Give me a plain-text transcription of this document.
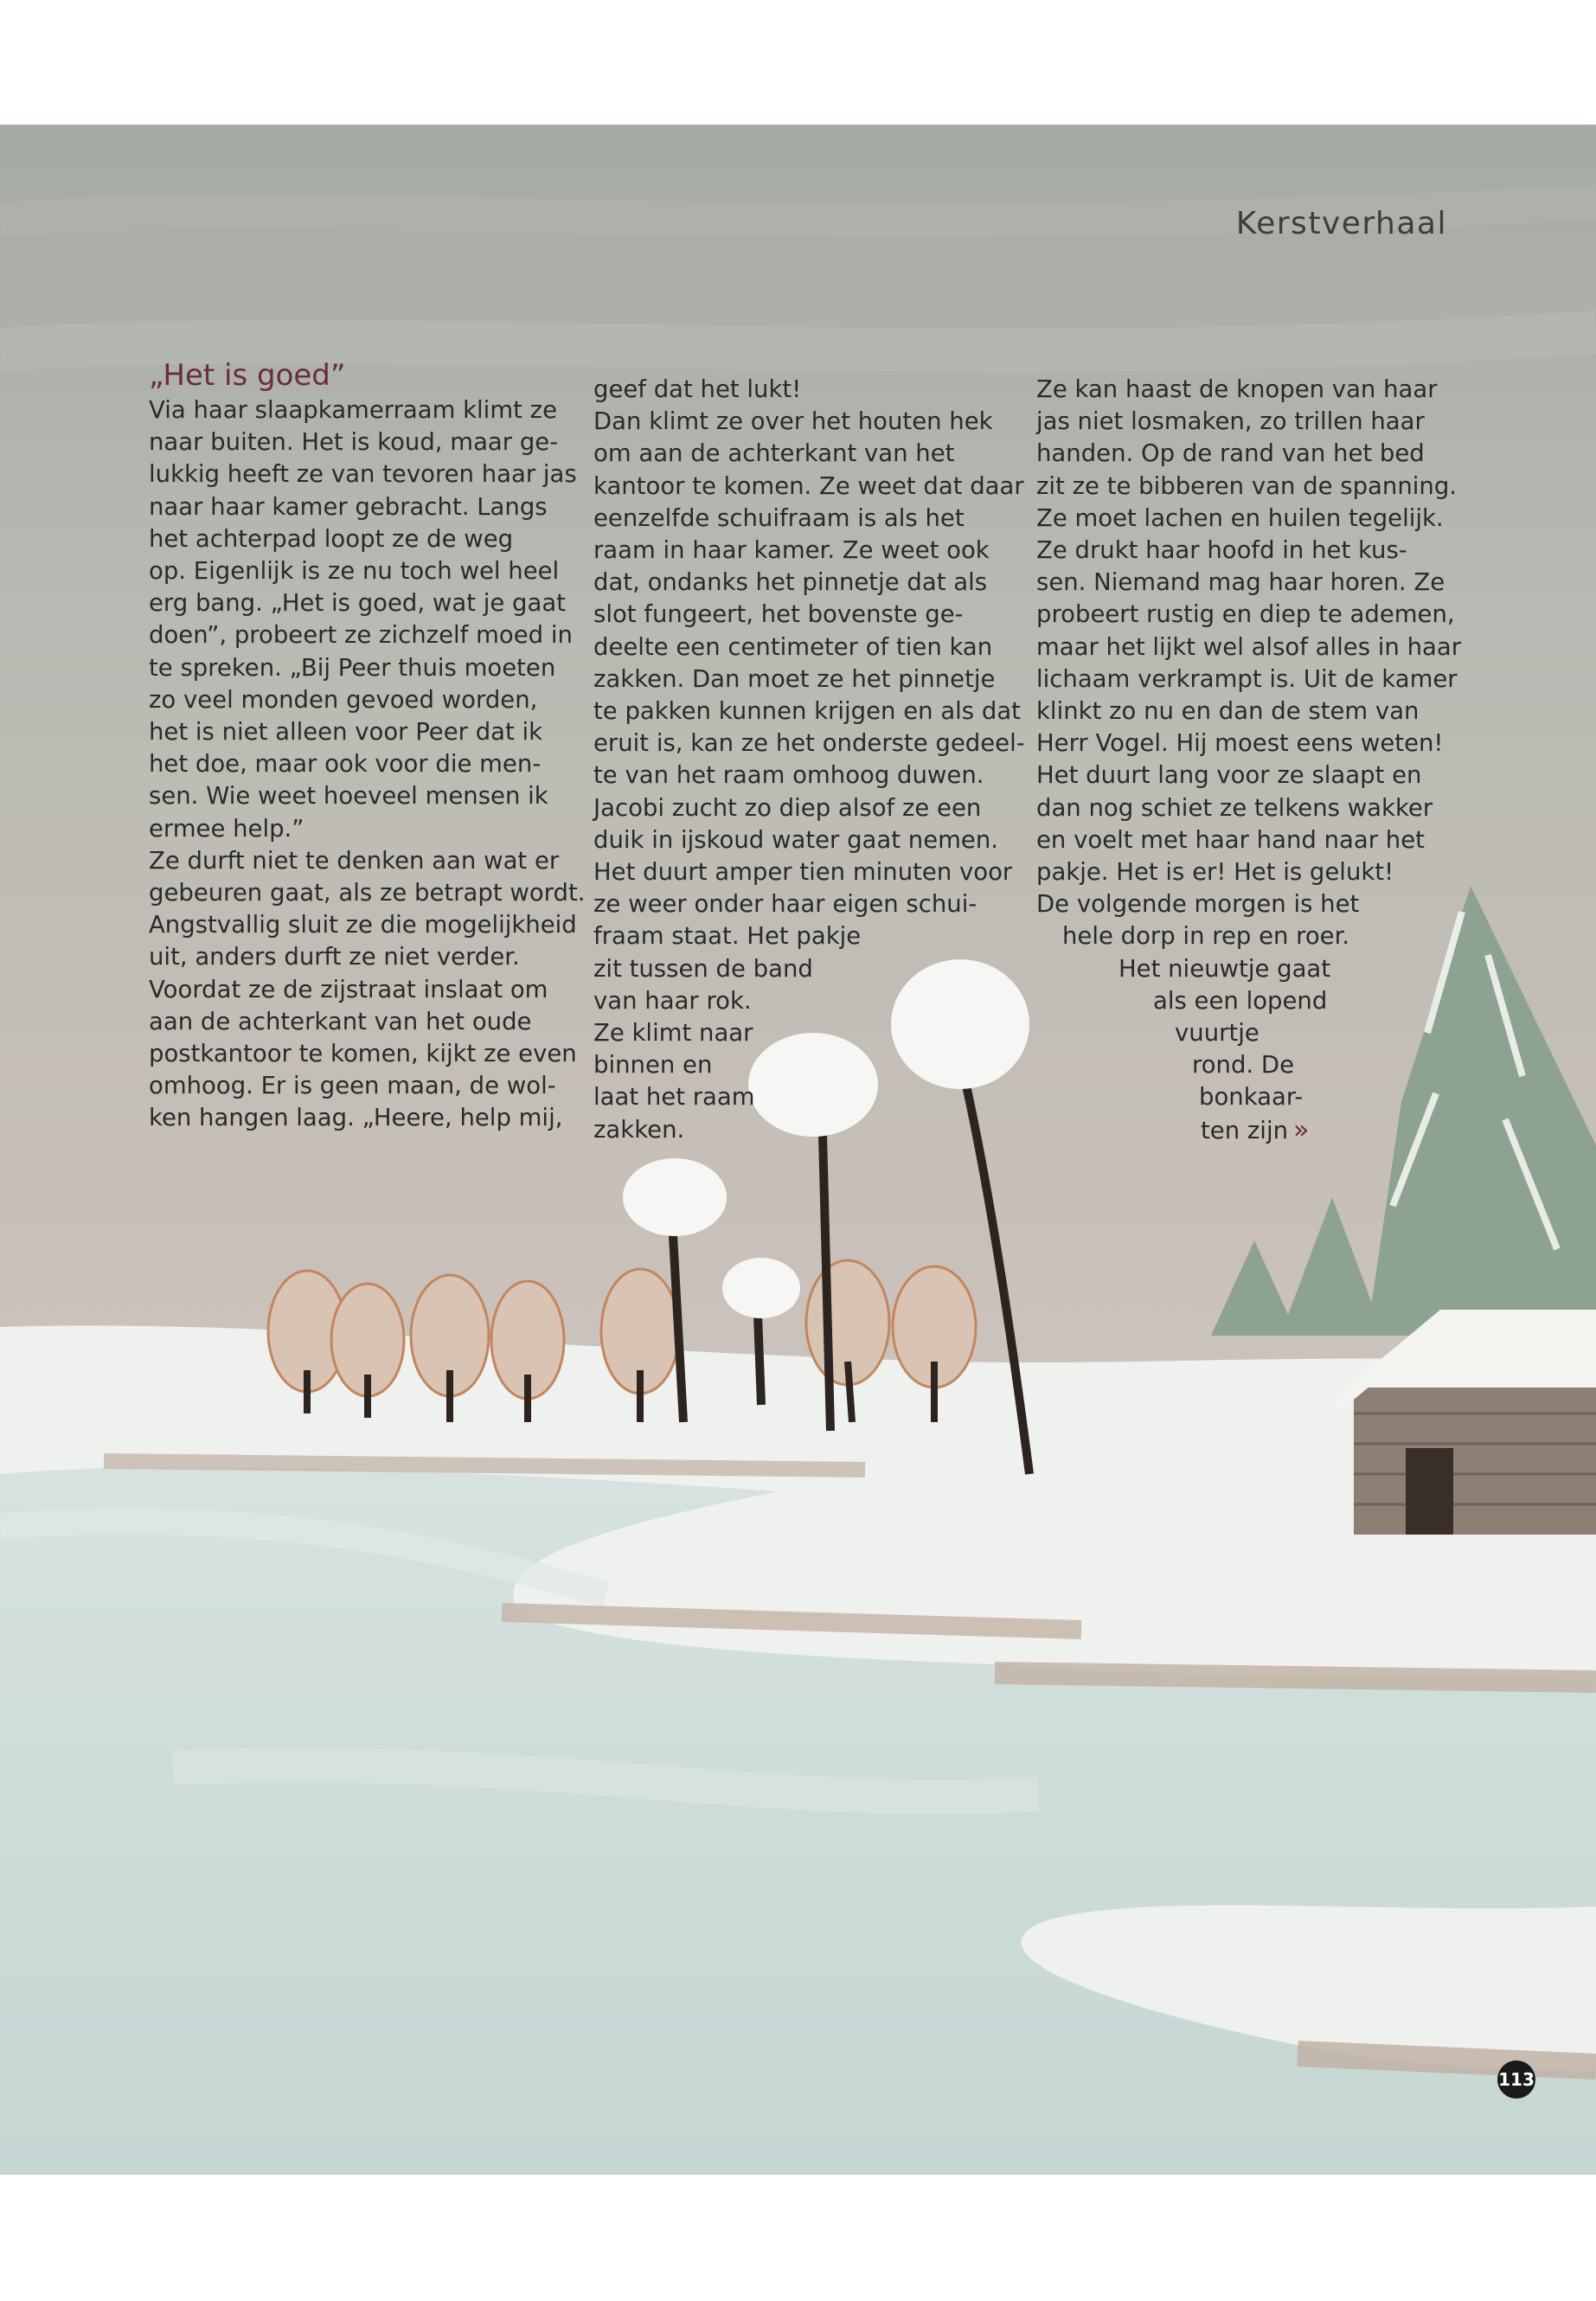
Kerstverhaal
„Het is goed”
Via haar slaapkamerraam klimt ze
naar buiten. Het is koud, maar ge-
lukkig heeft ze van tevoren haar jas
naar haar kamer gebracht. Langs
het achterpad loopt ze de weg
op. Eigenlijk is ze nu toch wel heel
erg bang. „Het is goed, wat je gaat
doen”, probeert ze zichzelf moed in
te spreken. „Bij Peer thuis moeten
zo veel monden gevoed worden,
het is niet alleen voor Peer dat ik
het doe, maar ook voor die men-
sen. Wie weet hoeveel mensen ik
ermee help.”
Ze durft niet te denken aan wat er
gebeuren gaat, als ze betrapt wordt.
Angstvallig sluit ze die mogelijkheid
uit, anders durft ze niet verder.
Voordat ze de zijstraat inslaat om
aan de achterkant van het oude
postkantoor te komen, kijkt ze even
omhoog. Er is geen maan, de wol-
ken hangen laag. „Heere, help mij,
geef dat het lukt!
Dan klimt ze over het houten hek
om aan de achterkant van het
kantoor te komen. Ze weet dat daar
eenzelfde schuifraam is als het
raam in haar kamer. Ze weet ook
dat, ondanks het pinnetje dat als
slot fungeert, het bovenste ge-
deelte een centimeter of tien kan
zakken. Dan moet ze het pinnetje
te pakken kunnen krijgen en als dat
eruit is, kan ze het onderste gedeel-
te van het raam omhoog duwen.
Jacobi zucht zo diep alsof ze een
duik in ijskoud water gaat nemen.
Het duurt amper tien minuten voor
ze weer onder haar eigen schui-
fraam staat. Het pakje
zit tussen de band
van haar rok.
Ze klimt naar
binnen en
laat het raam
zakken.
Ze kan haast de knopen van haar
jas niet losmaken, zo trillen haar
handen. Op de rand van het bed
zit ze te bibberen van de spanning.
Ze moet lachen en huilen tegelijk.
Ze drukt haar hoofd in het kus-
sen. Niemand mag haar horen. Ze
probeert rustig en diep te ademen,
maar het lijkt wel alsof alles in haar
lichaam verkrampt is. Uit de kamer
klinkt zo nu en dan de stem van
Herr Vogel. Hij moest eens weten!
Het duurt lang voor ze slaapt en
dan nog schiet ze telkens wakker
en voelt met haar hand naar het
pakje. Het is er! Het is gelukt!
De volgende morgen is het
hele dorp in rep en roer.
Het nieuwtje gaat
als een lopend
vuurtje
rond. De
bonkaar-
ten zijn »
113
